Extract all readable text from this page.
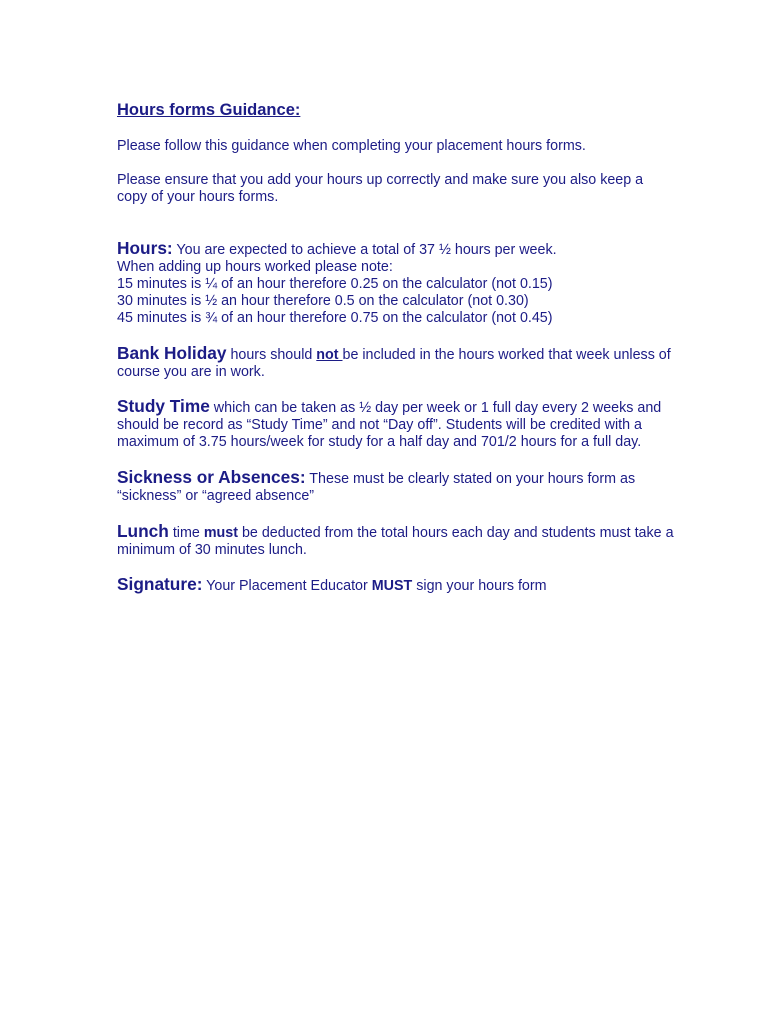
Hours forms Guidance:

Please follow this guidance when completing your placement hours forms.

Please ensure that you add your hours up correctly and make sure you also keep a copy of your hours forms.

Hours: You are expected to achieve a total of 37 ½ hours per week.
When adding up hours worked please note:
15 minutes is ¼ of an hour therefore 0.25 on the calculator (not 0.15)
30 minutes is ½ an hour therefore 0.5 on the calculator (not 0.30)
45 minutes is ¾ of an hour therefore 0.75 on the calculator (not 0.45)

Bank Holiday hours should not be included in the hours worked that week unless of course you are in work.

Study Time which can be taken as ½ day per week or 1 full day every 2 weeks and should be record as “Study Time” and not “Day off”. Students will be credited with a maximum of 3.75 hours/week for study for a half day and 701/2 hours for a full day.

Sickness or Absences: These must be clearly stated on your hours form as “sickness” or “agreed absence”

Lunch time must be deducted from the total hours each day and students must take a minimum of 30 minutes lunch.

Signature: Your Placement Educator MUST sign your hours form
